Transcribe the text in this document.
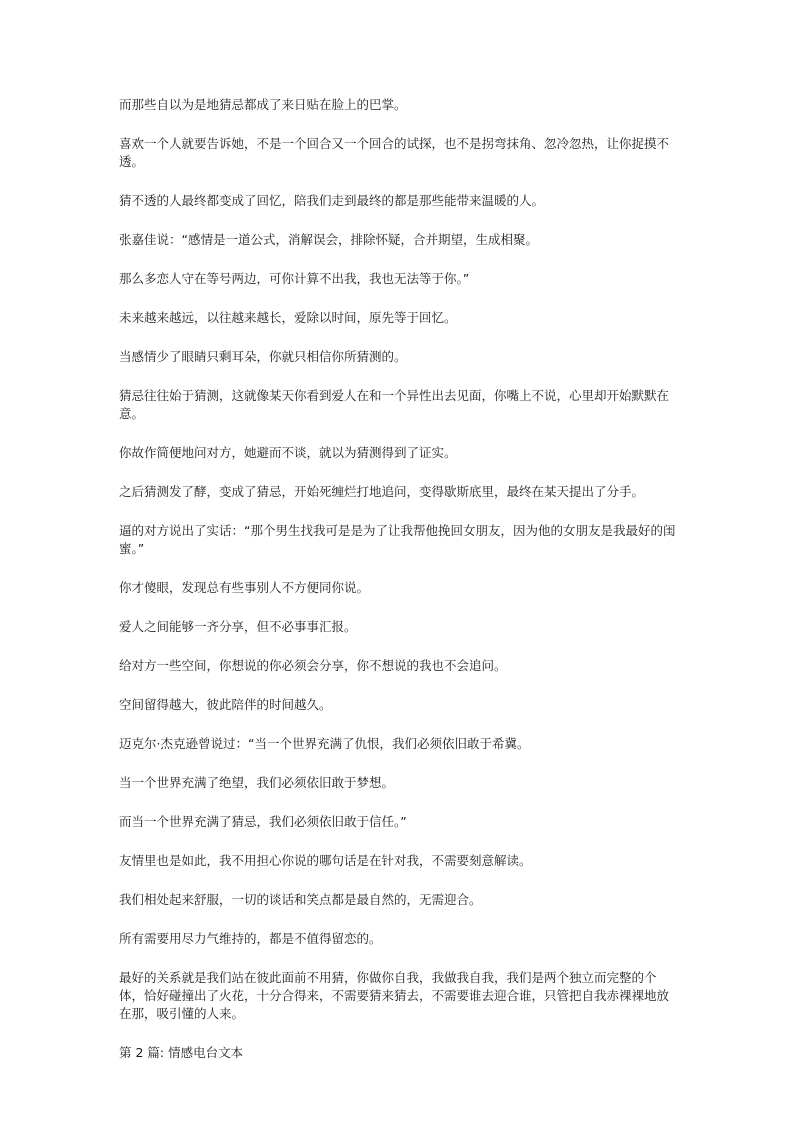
而那些自以为是地猜忌都成了来日贴在脸上的巴掌。

喜欢一个人就要告诉她，不是一个回合又一个回合的试探，也不是拐弯抹角、忽冷忽热，让你捉摸不透。

猜不透的人最终都变成了回忆，陪我们走到最终的都是那些能带来温暖的人。

张嘉佳说：“感情是一道公式，消解误会，排除怀疑，合并期望，生成相聚。

那么多恋人守在等号两边，可你计算不出我，我也无法等于你。”

未来越来越远，以往越来越长，爱除以时间，原先等于回忆。

当感情少了眼睛只剩耳朵，你就只相信你所猜测的。

猜忌往往始于猜测，这就像某天你看到爱人在和一个异性出去见面，你嘴上不说，心里却开始默默在意。

你故作简便地问对方，她避而不谈，就以为猜测得到了证实。

之后猜测发了酵，变成了猜忌，开始死缠烂打地追问，变得歇斯底里，最终在某天提出了分手。

逼的对方说出了实话：“那个男生找我可是是为了让我帮他挽回女朋友，因为他的女朋友是我最好的闺蜜。”

你才傻眼，发现总有些事别人不方便同你说。

爱人之间能够一齐分享，但不必事事汇报。

给对方一些空间，你想说的你必须会分享，你不想说的我也不会追问。

空间留得越大，彼此陪伴的时间越久。

迈克尔·杰克逊曾说过：“当一个世界充满了仇恨，我们必须依旧敢于希冀。

当一个世界充满了绝望，我们必须依旧敢于梦想。

而当一个世界充满了猜忌，我们必须依旧敢于信任。”

友情里也是如此，我不用担心你说的哪句话是在针对我，不需要刻意解读。

我们相处起来舒服，一切的谈话和笑点都是最自然的，无需迎合。

所有需要用尽力气维持的，都是不值得留恋的。

最好的关系就是我们站在彼此面前不用猜，你做你自我，我做我自我，我们是两个独立而完整的个体，恰好碰撞出了火花，十分合得来，不需要猜来猜去，不需要谁去迎合谁，只管把自我赤裸裸地放在那，吸引懂的人来。

第 2 篇: 情感电台文本
